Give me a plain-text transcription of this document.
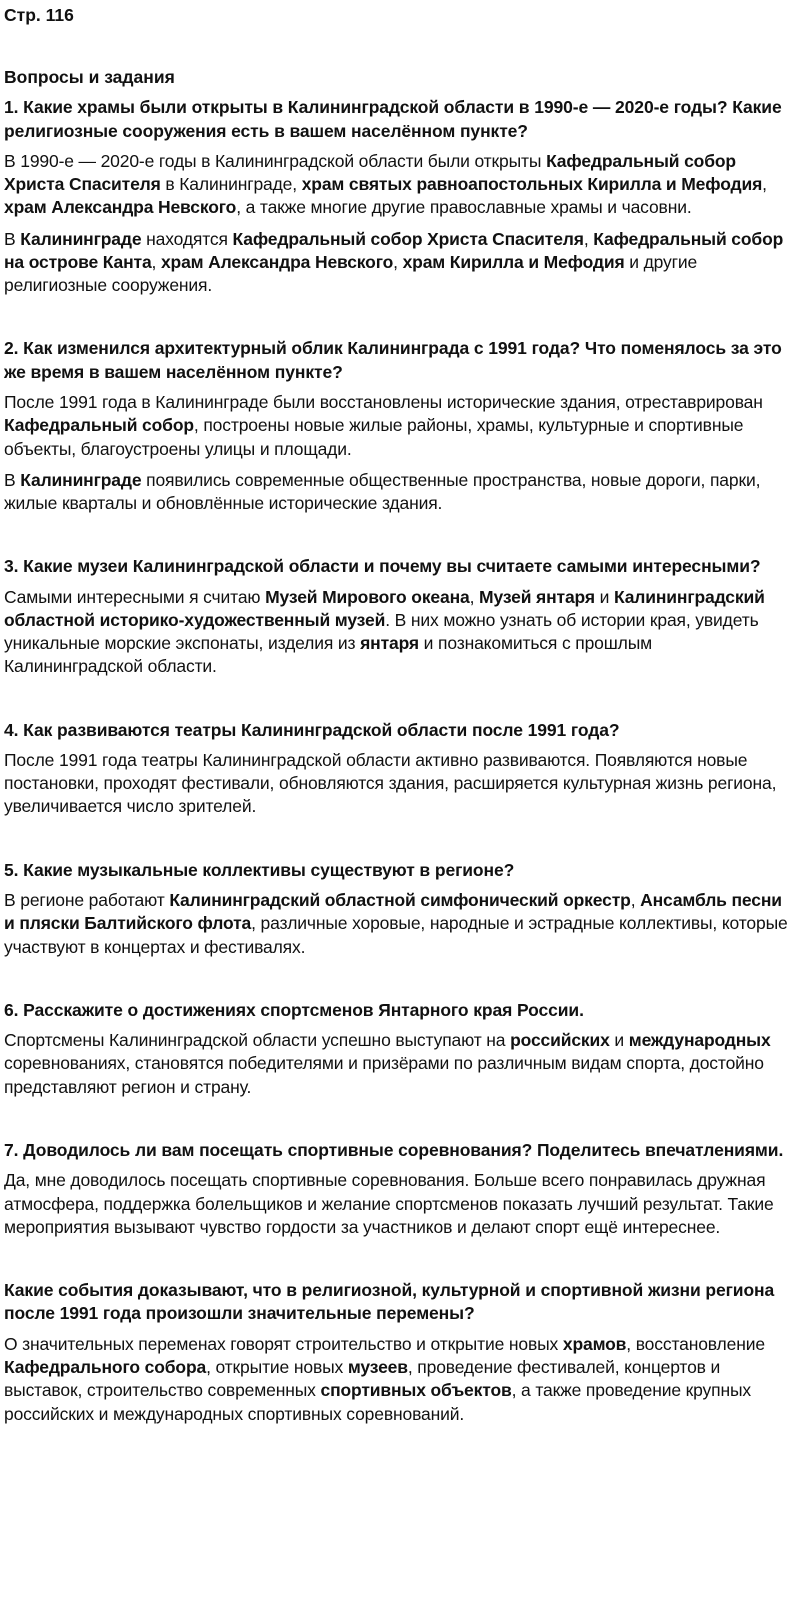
Стр. 116

Вопросы и задания

1. Какие храмы были открыты в Калининградской области в 1990-е — 2020-е годы? Какие религиозные сооружения есть в вашем населённом пункте?

В 1990-е — 2020-е годы в Калининградской области были открыты Кафедральный собор Христа Спасителя в Калининграде, храм святых равноапостольных Кирилла и Мефодия, храм Александра Невского, а также многие другие православные храмы и часовни.

В Калининграде находятся Кафедральный собор Христа Спасителя, Кафедральный собор на острове Канта, храм Александра Невского, храм Кирилла и Мефодия и другие религиозные сооружения.

2. Как изменился архитектурный облик Калининграда с 1991 года? Что поменялось за это же время в вашем населённом пункте?

После 1991 года в Калининграде были восстановлены исторические здания, отреставрирован Кафедральный собор, построены новые жилые районы, храмы, культурные и спортивные объекты, благоустроены улицы и площади.

В Калининграде появились современные общественные пространства, новые дороги, парки, жилые кварталы и обновлённые исторические здания.

3. Какие музеи Калининградской области и почему вы считаете самыми интересными?

Самыми интересными я считаю Музей Мирового океана, Музей янтаря и Калининградский областной историко-художественный музей. В них можно узнать об истории края, увидеть уникальные морские экспонаты, изделия из янтаря и познакомиться с прошлым Калининградской области.

4. Как развиваются театры Калининградской области после 1991 года?

После 1991 года театры Калининградской области активно развиваются. Появляются новые постановки, проходят фестивали, обновляются здания, расширяется культурная жизнь региона, увеличивается число зрителей.

5. Какие музыкальные коллективы существуют в регионе?

В регионе работают Калининградский областной симфонический оркестр, Ансамбль песни и пляски Балтийского флота, различные хоровые, народные и эстрадные коллективы, которые участвуют в концертах и фестивалях.

6. Расскажите о достижениях спортсменов Янтарного края России.

Спортсмены Калининградской области успешно выступают на российских и международных соревнованиях, становятся победителями и призёрами по различным видам спорта, достойно представляют регион и страну.

7. Доводилось ли вам посещать спортивные соревнования? Поделитесь впечатлениями.

Да, мне доводилось посещать спортивные соревнования. Больше всего понравилась дружная атмосфера, поддержка болельщиков и желание спортсменов показать лучший результат. Такие мероприятия вызывают чувство гордости за участников и делают спорт ещё интереснее.

Какие события доказывают, что в религиозной, культурной и спортивной жизни региона после 1991 года произошли значительные перемены?

О значительных переменах говорят строительство и открытие новых храмов, восстановление Кафедрального собора, открытие новых музеев, проведение фестивалей, концертов и выставок, строительство современных спортивных объектов, а также проведение крупных российских и международных спортивных соревнований.
